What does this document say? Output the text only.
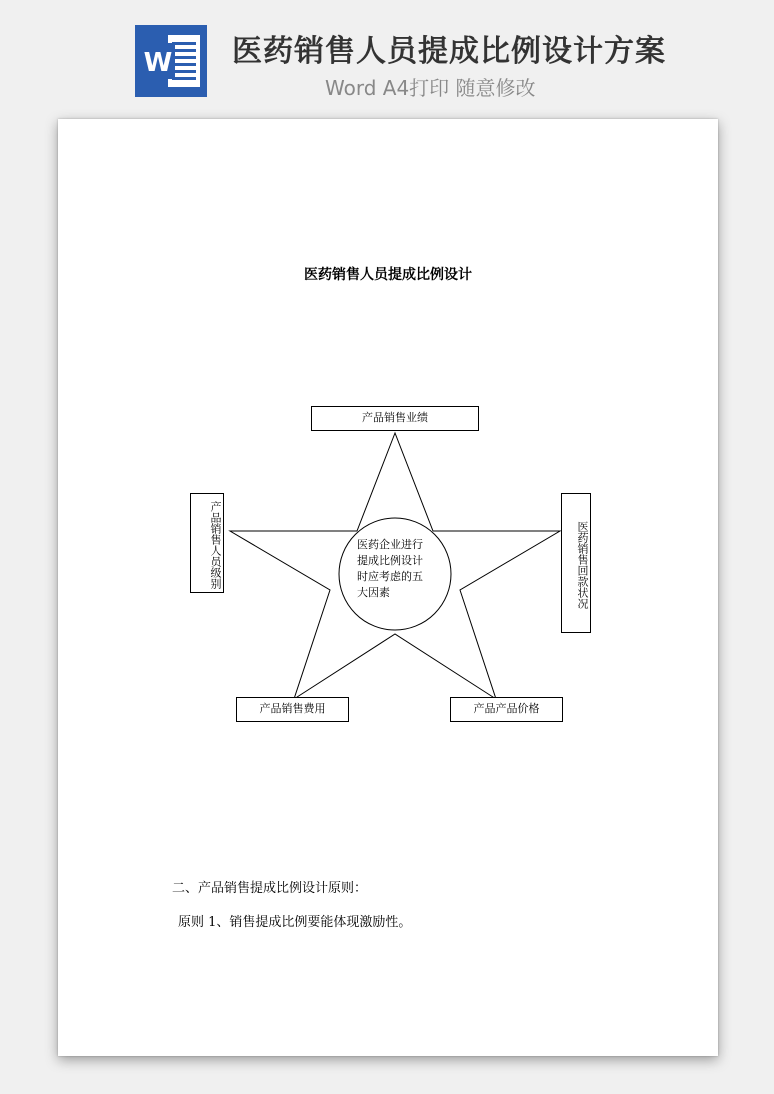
W 医药销售人员提成比例设计方案

Word A4打印 随意修改

医药销售人员提成比例设计
医药企业进行提成比例设计时应考虑的五大因素
产品销售业绩
产品销售人员级别	医药销售回款状况
产品销售费用	产品产品价格
二、产品销售提成比例设计原则：
原则 1、销售提成比例要能体现激励性。
